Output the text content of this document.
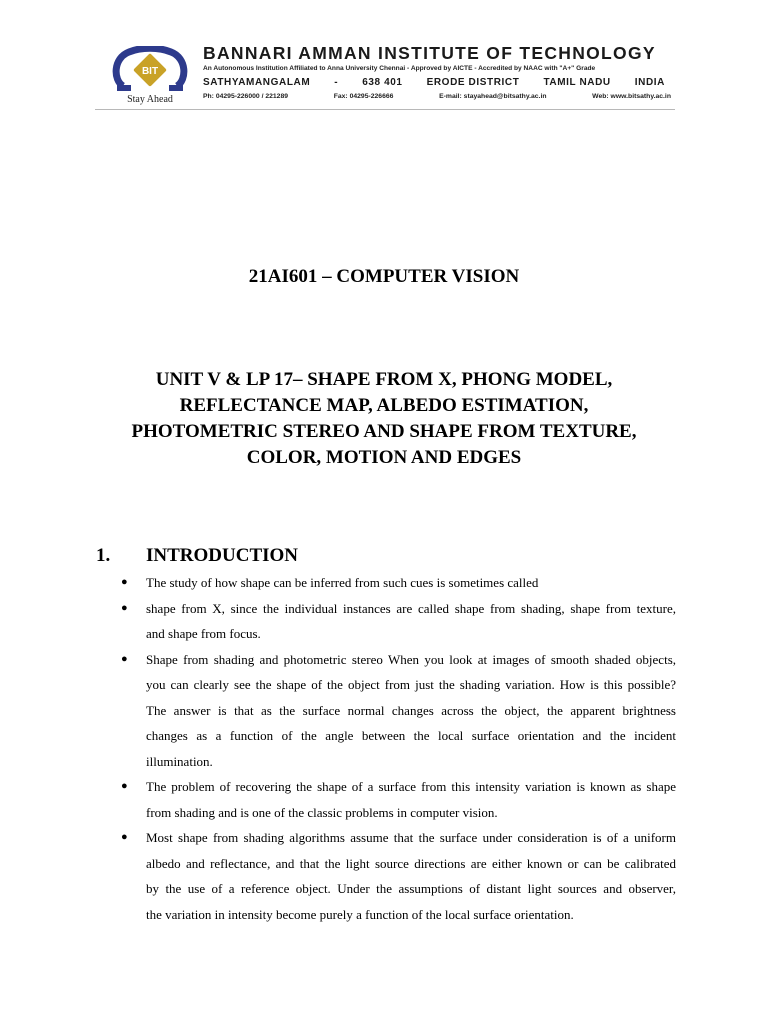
BIT
Stay Ahead
BANNARI AMMAN INSTITUTE OF TECHNOLOGY
An Autonomous Institution Affiliated to Anna University Chennai - Approved by AICTE - Accredited by NAAC with "A+" Grade
SATHYAMANGALAM - 638 401 ERODE DISTRICT TAMIL NADU INDIA
Ph: 04295-226000 / 221289	Fax: 04295-226666	E-mail: stayahead@bitsathy.ac.in	Web: www.bitsathy.ac.in
21AI601 – COMPUTER VISION
UNIT V & LP 17– SHAPE FROM X, PHONG MODEL,
REFLECTANCE MAP, ALBEDO ESTIMATION,
PHOTOMETRIC STEREO AND SHAPE FROM TEXTURE,
COLOR, MOTION AND EDGES
1. INTRODUCTION
● The study of how shape can be inferred from such cues is sometimes called
● shape from X, since the individual instances are called shape from shading, shape from texture,
and shape from focus.
● Shape from shading and photometric stereo When you look at images of smooth shaded objects,
you can clearly see the shape of the object from just the shading variation. How is this possible?
The answer is that as the surface normal changes across the object, the apparent brightness
changes as a function of the angle between the local surface orientation and the incident
illumination.
● The problem of recovering the shape of a surface from this intensity variation is known as shape
from shading and is one of the classic problems in computer vision.
● Most shape from shading algorithms assume that the surface under consideration is of a uniform
albedo and reflectance, and that the light source directions are either known or can be calibrated
by the use of a reference object. Under the assumptions of distant light sources and observer,
the variation in intensity become purely a function of the local surface orientation.
